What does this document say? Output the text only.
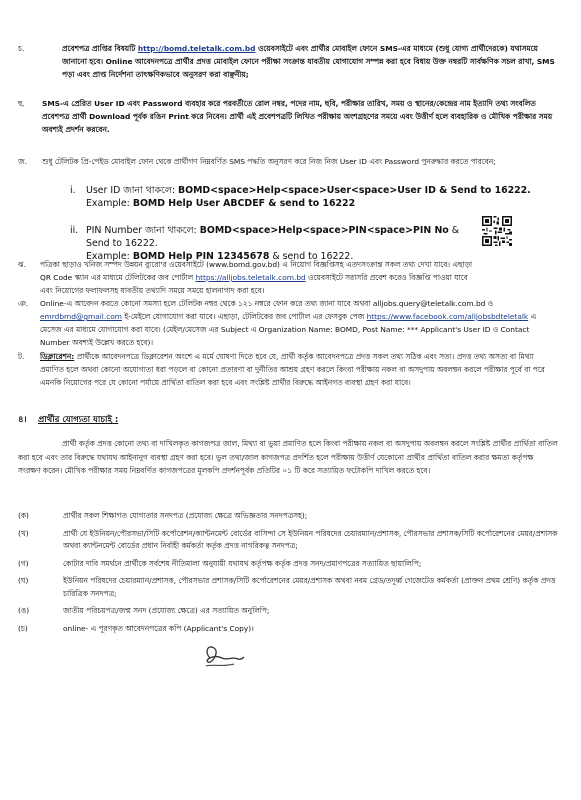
চ.	প্রবেশপত্র প্রাপ্তির বিষয়টি http://bomd.teletalk.com.bd ওয়েবসাইটে এবং প্রার্থীর মোবাইল ফোনে SMS-এর মাধ্যমে (শুধু যোগ্য প্রার্থীদেরকে) যথাসময়ে জানানো হবে। Online আবেদনপত্রে প্রার্থীর প্রদত্ত মোবাইল ফোনে পরীক্ষা সংক্রান্ত যাবতীয় যোগাযোগ সম্পন্ন করা হবে বিধায় উক্ত নম্বরটি সার্বক্ষণিক সচল রাখা, SMS পড়া এবং প্রাপ্ত নির্দেশনা তাৎক্ষণিকভাবে অনুসরণ করা বাঞ্ছনীয়;
ছ. SMS-এ প্রেরিত User ID এবং Password ব্যবহার করে পরবর্তীতে রোল নম্বর, পদের নাম, ছবি, পরীক্ষার তারিখ, সময় ও স্থানের/কেন্দ্রের নাম ইত্যাদি তথ্য সংবলিত প্রবেশপত্র প্রার্থী Download পূর্বক রঙিন Print করে নিবেন। প্রার্থী এই প্রবেশপত্রটি লিখিত পরীক্ষায় অংশগ্রহণের সময়ে এবং উত্তীর্ণ হলে ব্যবহারিক ও মৌখিক পরীক্ষার সময় অবশ্যই প্রদর্শন করবেন.
জ. শুধু টেলিটক প্রি-পেইড মোবাইল ফোন থেকে প্রার্থীগণ নিম্নবর্ণিত SMS পদ্ধতি অনুসরণ করে নিজ নিজ User ID এবং Password পুনরুদ্ধার করতে পারবেন;
i. User ID জানা থাকলে: BOMD<space>Help<space>User<space>User ID & Send to 16222.
Example: BOMD Help User ABCDEF & send to 16222
ii. PIN Number জানা থাকলে: BOMD<space>Help<space>PIN<space>PIN No & Send to 16222.
Example: BOMD Help PIN 12345678 & send to 16222.
ঝ. পত্রিকা ছাড়াও খনিজ সম্পদ উন্নয়ন ব্যুরো'র ওয়েবসাইটে (www.bomd.gov.bd) এ নিয়োগ বিজ্ঞপ্তিসহ এতদসংক্রান্ত সকল তথ্য দেখা যাবে। এছাড়া QR Code স্ক্যান এর মাধ্যমে টেলিটকের জব পোর্টাল https://alljobs.teletalk.com.bd ওয়েবসাইটে সরাসরি প্রবেশ করেও বিজ্ঞপ্তি পাওয়া যাবে এবং নিয়োগের ফলাফলসহ যাবতীয় তথ্যাদি সময়ে সময়ে হালনাগাদ করা হবে।
ঞ. Online-এ আবেদন করতে কোনো সমস্যা হলে টেলিটক নম্বর থেকে ১২১ নম্বরে ফোন করে তথ্য জানা যাবে অথবা alljobs.query@teletalk.com.bd ও emrdbmd@gmail.com ই-মেইলে যোগাযোগ করা যাবে। এছাড়া, টেলিটকের জব পোর্টাল এর ফেসবুক পেজ https://www.facebook.com/alljobsbdteletalk এ মেসেজ এর মাধ্যমে যোগাযোগ করা যাবে। (মেইল/মেসেজ এর Subject এ Organization Name: BOMD, Post Name: *** Applicant's User ID ও Contact Number অবশ্যই উল্লেখ করতে হবে)।
ট. ডিক্লারেশন: প্রার্থীকে আবেদনপত্রে ডিক্লারেশন অংশে এ মর্মে ঘোষণা দিতে হবে যে, প্রার্থী কর্তৃক আবেদনপত্রে প্রদত্ত সকল তথ্য সঠিক এবং সত্য। প্রদত্ত তথ্য অসত্য বা মিথ্যা প্রমাণিত হলে অথবা কোনো অযোগ্যতা ধরা পড়লে বা কোনো প্রতারণা বা দুর্নীতির আশ্রয় গ্রহণ করলে কিংবা পরীক্ষায় নকল বা অসদুপায় অবলম্বন করলে পরীক্ষার পূর্বে বা পরে এমনকি নিয়োগের পরে যে কোনো পর্যায়ে প্রার্থিতা বাতিল করা হবে এবং সংশ্লিষ্ট প্রার্থীর বিরুদ্ধে আইনগত ব্যবস্থা গ্রহণ করা যাবে।
৪। প্রার্থীর যোগ্যতা যাচাই :
প্রার্থী কর্তৃক প্রদত্ত কোনো তথ্য বা দাখিলকৃত কাগজপত্র জাল, মিথ্যা বা ভুয়া প্রমাণিত হলে কিংবা পরীক্ষায় নকল বা অসদুপায় অবলম্বন করলে সংশ্লিষ্ট প্রার্থীর প্রার্থিতা বাতিল করা হবে এবং তার বিরুদ্ধে যথাযথ আইনানুগ ব্যবস্থা গ্রহণ করা হবে। ভুল তথ্য/জাল কাগজপত্র প্রদর্শিত হলে পরীক্ষায় উত্তীর্ণ যেকোনো প্রার্থীর প্রার্থিতা বাতিল করার ক্ষমতা কর্তৃপক্ষ সংরক্ষণ করেন। মৌখিক পরীক্ষার সময় নিম্নবর্ণিত কাগজপত্রের মূলকপি প্রদর্শনপূর্বক প্রতিটির ০১ টি করে সত্যায়িত ফটোকপি দাখিল করতে হবে।
(ক)	প্রার্থীর সকল শিক্ষাগত যোগ্যতার সনদপত্র (প্রযোজ্য ক্ষেত্রে অভিজ্ঞতার সনদপত্রসহ);
(খ)	প্রার্থী যে ইউনিয়ন/পৌরসভা/সিটি কর্পোরেশন/ক্যান্টনমেন্ট বোর্ডের বাসিন্দা সে ইউনিয়ন পরিষদের চেয়ারম্যান/প্রশাসক, পৌরসভার প্রশাসক/সিটি কর্পোরেশনের মেয়র/প্রশাসক অথবা ক্যান্টনমেন্ট বোর্ডের প্রধান নির্বাহী কর্মকর্তা কর্তৃক প্রদত্ত নাগরিকত্ব সনদপত্র;
(গ)	কোটার দাবি সমর্থনে প্রার্থীকে সর্বশেষ নীতিমালা অনুযায়ী যথাযথ কর্তৃপক্ষ কর্তৃক প্রদত্ত সনদ/প্রমাণপত্রের সত্যায়িত ছায়ালিপি;
(ঘ)	ইউনিয়ন পরিষদের চেয়ারম্যান/প্রশাসক, পৌরসভার প্রশাসক/সিটি কর্পোরেশনের মেয়র/প্রশাসক অথবা নবম গ্রেড/তদূর্ধ্ব গেজেটেড কর্মকর্তা (প্রাক্তন প্রথম শ্রেণি) কর্তৃক প্রদত্ত চারিত্রিক সনদপত্র;
(ঙ)	জাতীয় পরিচয়পত্র/জন্ম সনদ (প্রযোজ্য ক্ষেত্রে) এর সত্যায়িত অনুলিপি;
(চ)	online- এ পূরণকৃত আবেদনপত্রের কপি (Applicant's Copy)।
